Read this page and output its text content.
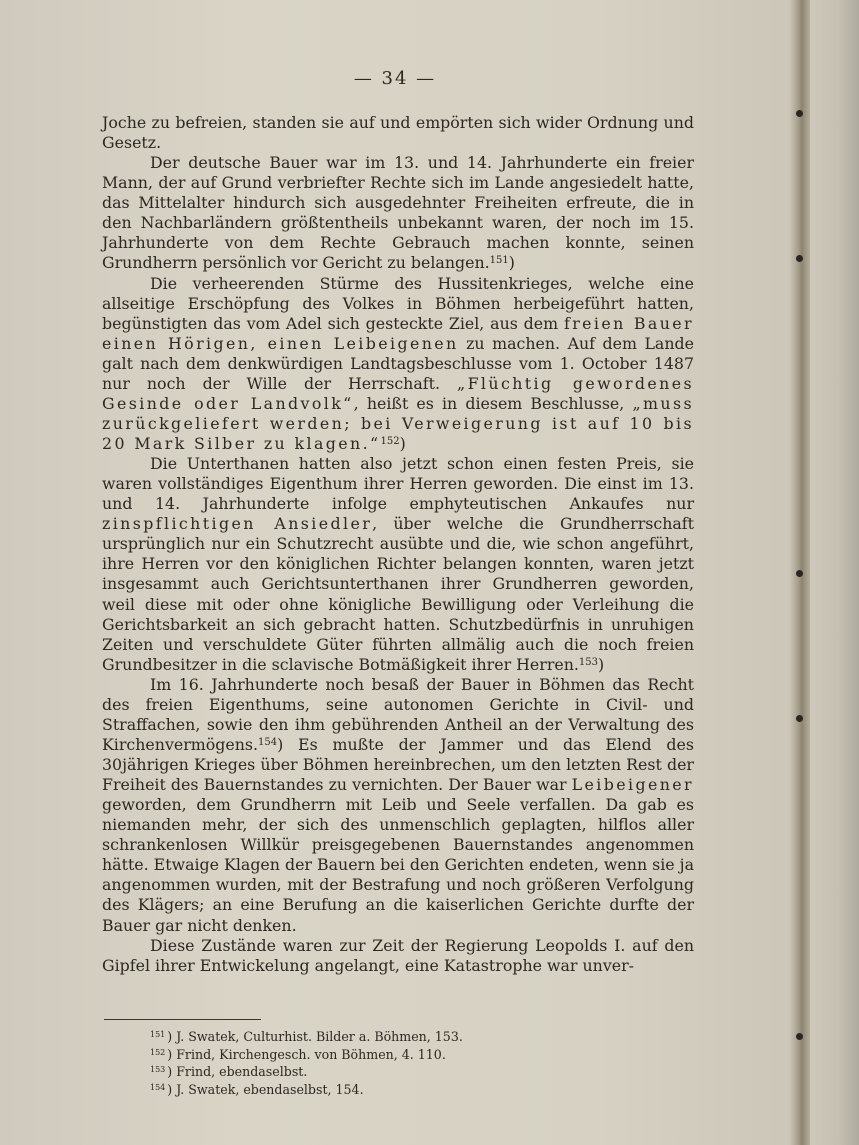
— 34 —

Joche zu befreien, standen sie auf und empörten sich wider Ordnung und Gesetz.

Der deutsche Bauer war im 13. und 14. Jahrhunderte ein freier Mann, der auf Grund verbriefter Rechte sich im Lande angesiedelt hatte, das Mittelalter hindurch sich ausgedehnter Freiheiten erfreute, die in den Nachbarländern größtentheils unbekannt waren, der noch im 15. Jahrhunderte von dem Rechte Gebrauch machen konnte, seinen Grundherrn persönlich vor Gericht zu belangen.$^{151}$)

Die verheerenden Stürme des Hussitenkrieges, welche eine allseitige Erschöpfung des Volkes in Böhmen herbeigeführt hatten, begünstigten das vom Adel sich gesteckte Ziel, aus dem freien Bauer einen Hörigen, einen Leibeigenen zu machen. Auf dem Lande galt nach dem denkwürdigen Landtagsbeschlusse vom 1. October 1487 nur noch der Wille der Herrschaft. „Flüchtig gewordenes Gesinde oder Landvolk“, heißt es in diesem Beschlusse, „muss zurückgeliefert werden; bei Verweigerung ist auf 10 bis 20 Mark Silber zu klagen.“$^{152}$)

Die Unterthanen hatten also jetzt schon einen festen Preis, sie waren vollständiges Eigenthum ihrer Herren geworden. Die einst im 13. und 14. Jahrhunderte infolge emphyteutischen Ankaufes nur zinspflichtigen Ansiedler, über welche die Grundherrschaft ursprünglich nur ein Schutzrecht ausübte und die, wie schon angeführt, ihre Herren vor den königlichen Richter belangen konnten, waren jetzt insgesammt auch Gerichtsunterthanen ihrer Grundherren geworden, weil diese mit oder ohne königliche Bewilligung oder Verleihung die Gerichtsbarkeit an sich gebracht hatten. Schutzbedürfnis in unruhigen Zeiten und verschuldete Güter führten allmälig auch die noch freien Grundbesitzer in die sclavische Botmäßigkeit ihrer Herren.$^{153}$)

Im 16. Jahrhunderte noch besaß der Bauer in Böhmen das Recht des freien Eigenthums, seine autonomen Gerichte in Civil- und Straffachen, sowie den ihm gebührenden Antheil an der Verwaltung des Kirchenvermögens.$^{154}$) Es mußte der Jammer und das Elend des 30jährigen Krieges über Böhmen hereinbrechen, um den letzten Rest der Freiheit des Bauernstandes zu vernichten. Der Bauer war Leibeigener geworden, dem Grundherrn mit Leib und Seele verfallen. Da gab es niemanden mehr, der sich des unmenschlich geplagten, hilflos aller schrankenlosen Willkür preisgegebenen Bauernstandes angenommen hätte. Etwaige Klagen der Bauern bei den Gerichten endeten, wenn sie ja angenommen wurden, mit der Bestrafung und noch größeren Verfolgung des Klägers; an eine Berufung an die kaiserlichen Gerichte durfte der Bauer gar nicht denken.

Diese Zustände waren zur Zeit der Regierung Leopolds I. auf den Gipfel ihrer Entwickelung angelangt, eine Katastrophe war unver-

$^{151}$ ) J. Swatek, Culturhist. Bilder a. Böhmen, 153.
$^{152}$ ) Frind, Kirchengesch. von Böhmen, 4. 110.
$^{153}$ ) Frind, ebendaselbst.
$^{154}$ ) J. Swatek, ebendaselbst, 154.
